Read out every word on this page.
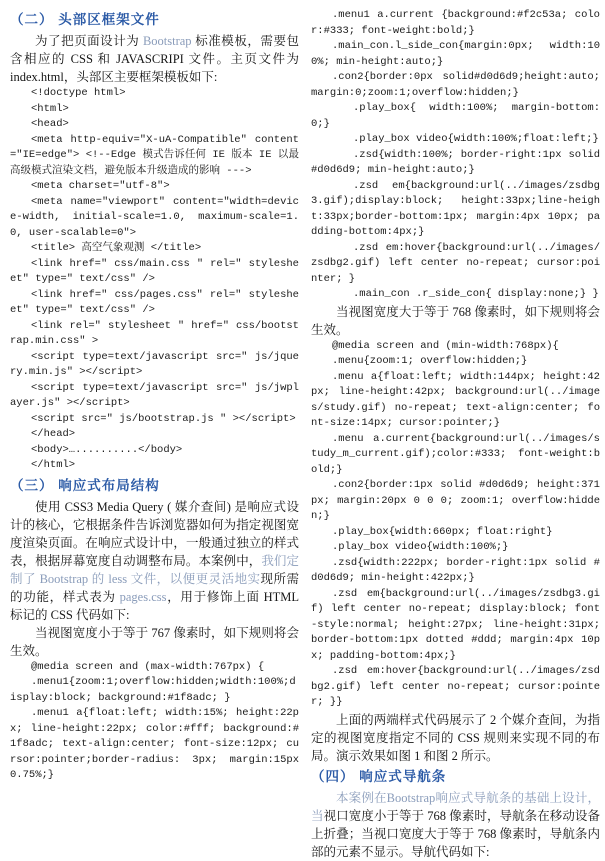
（二） 头部区框架文件
为了把页面设计为 Bootstrap 标准模板，需要包含相应的 CSS 和 JAVASCRIPI 文件。主页文件为 index.html，头部区主要框架模板如下:
<!doctype html>
<html>
<head>
<meta http-equiv="X-uA-Compatible" content="IE=edge"> <!--Edge 模式告诉任何 IE 版本 IE 以最高级模式渲染文档，避免版本升级造成的影响 --->
<meta charset="utf-8">
<meta name="viewport" content="width=device-width, initial-scale=1.0, maximum-scale=1.0, user-scalable=0">
<title> 高空气象观测 </title>
<link href=" css/main.css " rel=" stylesheet" type=" text/css" />
<link href=" css/pages.css" rel=" stylesheet" type=" text/css" />
<link rel=" stylesheet " href=" css/bootstrap.min.css" >
<script type=text/javascript src=" js/jquery.min.js" ></script>
<script type=text/javascript src=" js/jwplayer.js" ></script>
<script src=" js/bootstrap.js " ></script>
</head>
<body>…..........</body>
</html>
（三） 响应式布局结构
使用 CSS3 Media Query ( 媒介查间) 是响应式设计的核心，它根据条件告诉浏览器如何为指定视图宽度渲染页面。在响应式设计中，一般通过独立的样式表，根据屏幕宽度自动调整布局。本案例中，我们定制了 Bootstrap 的 less 文件，以便更灵活地实现所需的功能，样式表为 pages.css，用于修饰上面 HTML 标记的 CSS 代码如下:
当视图宽度小于等于 767 像素时，如下规则将会生效。
@media screen and (max-width:767px) {
.menu1{zoom:1;overflow:hidden;width:100%;display:block; background:#1f8adc; }
.menu1 a{float:left; width:15%; height:22px; line-height:22px; color:#fff; background:#1f8adc; text-align:center; font-size:12px; cursor:pointer;border-radius: 3px; margin:15px 0.75%;}
.menu1 a.current {background:#f2c53a; color:#333; font-weight:bold;}
.main_con.l_side_con{margin:0px; width:100%; min-height:auto;}
.con2{border:0px solid#d0d6d9;height:auto;margin:0;zoom:1;overflow:hidden;}
.play_box{ width:100%; margin-bottom:0;}
.play_box video{width:100%;float:left;}
.zsd{width:100%; border-right:1px solid #d0d6d9; min-height:auto;}
.zsd em{background:url(../images/zsdbg3.gif);display:block; height:33px;line-height:33px;border-bottom:1px; margin:4px 10px; padding-bottom:4px;}
.zsd em:hover{background:url(../images/zsdbg2.gif) left center no-repeat; cursor:pointer; }
.main_con .r_side_con{ display:none;} }
当视图宽度大于等于 768 像素时，如下规则将会生效。
@media screen and (min-width:768px){
.menu{zoom:1; overflow:hidden;}
.menu a{float:left; width:144px; height:42px; line-height:42px; background:url(../images/study.gif) no-repeat; text-align:center; font-size:14px; cursor:pointer;}
.menu a.current{background:url(../images/study_m_current.gif);color:#333; font-weight:bold;}
.con2{border:1px solid #d0d6d9; height:371px; margin:20px 0 0 0; zoom:1; overflow:hidden;}
.play_box{width:660px; float:right}
.play_box video{width:100%;}
.zsd{width:222px; border-right:1px solid #d0d6d9; min-height:422px;}
.zsd em{background:url(../images/zsdbg3.gif) left center no-repeat; display:block; font-style:normal; height:27px; line-height:31px; border-bottom:1px dotted #ddd; margin:4px 10px; padding-bottom:4px;}
.zsd em:hover{background:url(../images/zsdbg2.gif) left center no-repeat; cursor:pointer; }}
上面的两端样式代码展示了 2 个媒介查间，为指定的视图宽度指定不同的 CSS 规则来实现不同的布局。演示效果如图 1 和图 2 所示。
（四） 响应式导航条
本案例在Bootstrap响应式导航条的基础上设计， 当视口宽度小于等于 768 像素时，导航条在移动设备上折叠；当视口宽度大于等于 768 像素时，导航条内部的元素不显示。导航代码如下:
